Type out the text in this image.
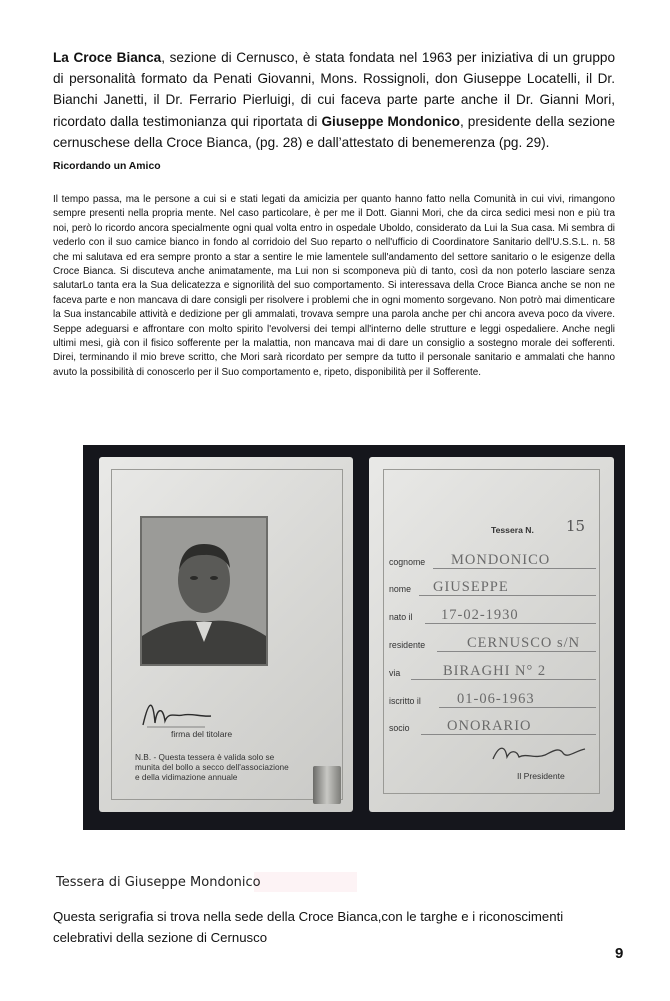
La Croce Bianca, sezione di Cernusco, è stata fondata nel 1963 per iniziativa di un gruppo di personalità formato da Penati Giovanni, Mons. Rossignoli, don Giuseppe Locatelli, il Dr. Bianchi Janetti, il Dr. Ferrario Pierluigi, di cui faceva parte parte anche il Dr. Gianni Mori, ricordato dalla testimonianza qui riportata di Giuseppe Mondonico, presidente della sezione cernuschese della Croce Bianca, (pg. 28) e dall’attestato di benemerenza (pg. 29).

Ricordando un Amico

Il tempo passa, ma le persone a cui si e stati legati da amicizia per quanto hanno fatto nella Comunità in cui vivi, rimangono sempre presenti nella propria mente. Nel caso particolare, è per me il Dott. Gianni Mori, che da circa sedici mesi non e più tra noi, però lo ricordo ancora specialmente ogni qual volta entro in ospedale Uboldo, considerato da Lui la Sua casa. Mi sembra di vederlo con il suo camice bianco in fondo al corridoio del Suo reparto o nell'ufficio di Coordinatore Sanitario dell'U.S.S.L. n. 58 che mi salutava ed era sempre pronto a star a sentire le mie lamentele sull'andamento del settore sanitario o le esigenze della Croce Bianca. Si discuteva anche animatamente, ma Lui non si scomponeva più di tanto, così da non poterlo lasciare senza salutarLo tanta era la Sua delicatezza e signorilità del suo comportamento. Si interessava della Croce Bianca anche se non ne faceva parte e non mancava di dare consigli per risolvere i problemi che in ogni momento sorgevano. Non potrò mai dimenticare la Sua instancabile attività e dedizione per gli ammalati, trovava sempre una parola anche per chi ancora aveva poco da vivere. Seppe adeguarsi e affrontare con molto spirito l'evolversi dei tempi all'interno delle strutture e leggi ospedaliere. Anche negli ultimi mesi, già con il fisico sofferente per la malattia, non mancava mai di dare un consiglio a sostegno morale dei sofferenti. Direi, terminando il mio breve scritto, che Mori sarà ricordato per sempre da tutto il personale sanitario e ammalati che hanno avuto la possibilità di conoscerlo per il Suo comportamento e, ripeto, disponibilità per il Sofferente.

firma del titolare
N.B. - Questa tessera è valida solo se munita del bollo a secco dell'associazione e della vidimazione annuale
Tessera N. 15
cognome MONDONICO
nome GIUSEPPE
nato il 17-02-1930
residente	CERNUSCO s/N
via	BIRAGHI N° 2
iscritto il 01-06-1963
socio	ONORARIO
Il Presidente

Tessera di Giuseppe Mondonico

Questa serigrafia si trova nella sede della Croce Bianca,con le targhe e i riconoscimenti celebrativi della sezione di Cernusco

9
